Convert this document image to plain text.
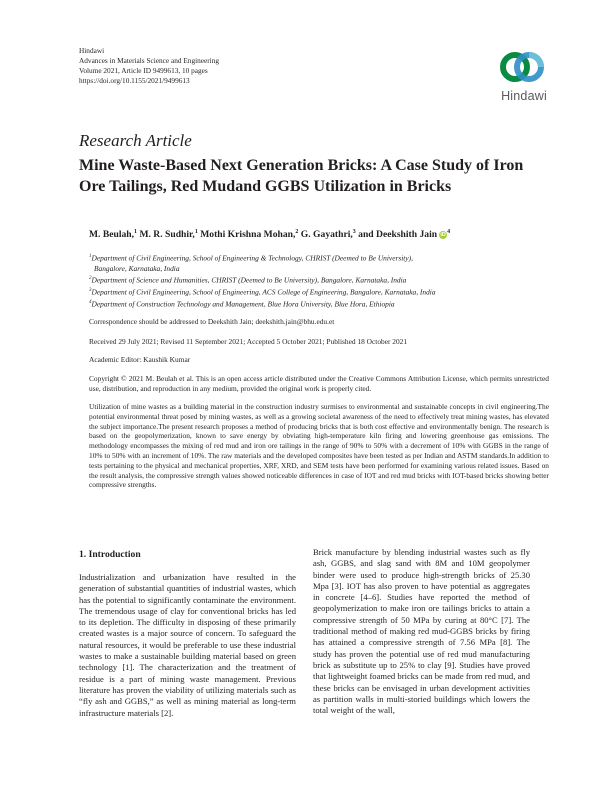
Hindawi
Advances in Materials Science and Engineering
Volume 2021, Article ID 9499613, 10 pages
https://doi.org/10.1155/2021/9499613
Hindawi
Research Article
Mine Waste-Based Next Generation Bricks: A Case Study of Iron Ore Tailings, Red Mudand GGBS Utilization in Bricks
M. Beulah,$^1$ M. R. Sudhir,$^1$ Mothi Krishna Mohan,$^2$ G. Gayathri,$^3$ and Deekshith Jain $iD^4$
$^1$Department of Civil Engineering, School of Engineering & Technology, CHRIST (Deemed to Be University),
Bangalore, Karnataka, India
$^2$Department of Science and Humanities, CHRIST (Deemed to Be University), Bangalore, Karnataka, India
$^3$Department of Civil Engineering, School of Engineering, ACS College of Engineering, Bangalore, Karnataka, India
$^4$Department of Construction Technology and Management, Blue Hora University, Blue Hora, Ethiopia
Correspondence should be addressed to Deekshith Jain; deekshith.jain@bhu.edu.et
Received 29 July 2021; Revised 11 September 2021; Accepted 5 October 2021; Published 18 October 2021
Academic Editor: Kaushik Kumar
Copyright © 2021 M. Beulah et al. This is an open access article distributed under the Creative Commons Attribution License, which permits unrestricted use, distribution, and reproduction in any medium, provided the original work is properly cited.
Utilization of mine wastes as a building material in the construction industry surmises to environmental and sustainable concepts in civil engineering.The potential environmental threat posed by mining wastes, as well as a growing societal awareness of the need to effectively treat mining wastes, has elevated the subject importance.The present research proposes a method of producing bricks that is both cost effective and environmentally benign. The research is based on the geopolymerization, known to save energy by obviating high-temperature kiln firing and lowering greenhouse gas emissions. The methodology encompasses the mixing of red mud and iron ore tailings in the range of 90% to 50% with a decrement of 10% with GGBS in the range of 10% to 50% with an increment of 10%. The raw materials and the developed composites have been tested as per Indian and ASTM standards.In addition to tests pertaining to the physical and mechanical properties, XRF, XRD, and SEM tests have been performed for examining various related issues. Based on the result analysis, the compressive strength values showed noticeable differences in case of IOT and red mud bricks with IOT-based bricks showing better compressive strengths.
1. Introduction
Industrialization and urbanization have resulted in the generation of substantial quantities of industrial wastes, which has the potential to significantly contaminate the environment. The tremendous usage of clay for conventional bricks has led to its depletion. The difficulty in disposing of these primarily created wastes is a major source of concern. To safeguard the natural resources, it would be preferable to use these industrial wastes to make a sustainable building material based on green technology [1]. The characterization and the treatment of residue is a part of mining waste management. Previous literature has proven the viability of utilizing materials such as “fly ash and GGBS,” as well as mining material as long-term infrastructure materials [2].
Brick manufacture by blending industrial wastes such as fly ash, GGBS, and slag sand with 8M and 10M geopolymer binder were used to produce high-strength bricks of 25.30 Mpa [3]. IOT has also proven to have potential as aggregates in concrete [4–6]. Studies have reported the method of geopolymerization to make iron ore tailings bricks to attain a compressive strength of 50 MPa by curing at 80°C [7]. The traditional method of making red mud-GGBS bricks by firing has attained a compressive strength of 7.56 MPa [8]. The study has proven the potential use of red mud manufacturing brick as substitute up to 25% to clay [9]. Studies have proved that lightweight foamed bricks can be made from red mud, and these bricks can be envisaged in urban development activities as partition walls in multi-storied buildings which lowers the total weight of the wall,
